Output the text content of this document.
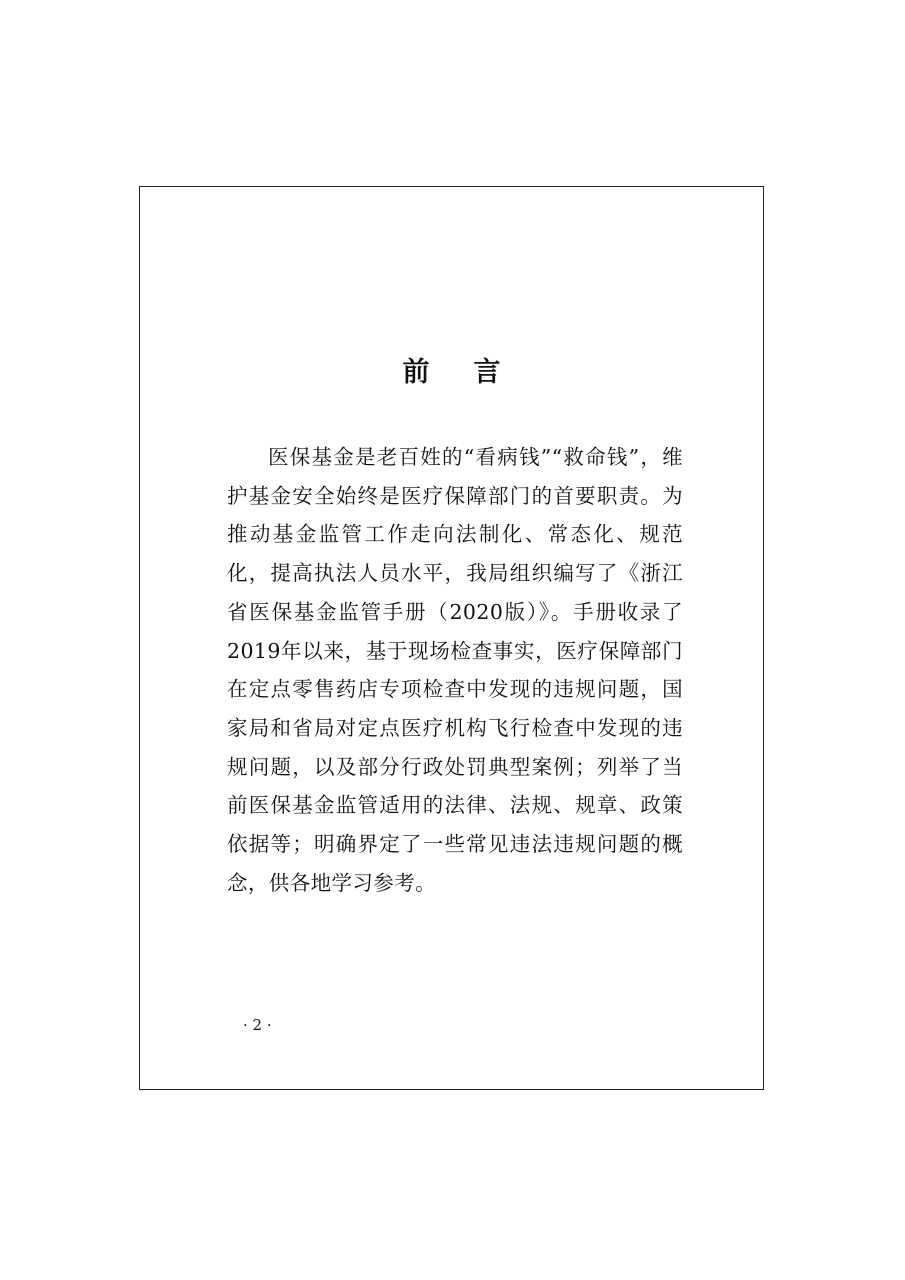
前言

医保基金是老百姓的“看病钱”“救命钱”，维护基金安全始终是医疗保障部门的首要职责。为推动基金监管工作走向法制化、常态化、规范化，提高执法人员水平，我局组织编写了《浙江省医保基金监管手册（2020版）》。手册收录了2019年以来，基于现场检查事实，医疗保障部门在定点零售药店专项检查中发现的违规问题，国家局和省局对定点医疗机构飞行检查中发现的违规问题，以及部分行政处罚典型案例；列举了当前医保基金监管适用的法律、法规、规章、政策依据等；明确界定了一些常见违法违规问题的概念，供各地学习参考。

· 2 ·
